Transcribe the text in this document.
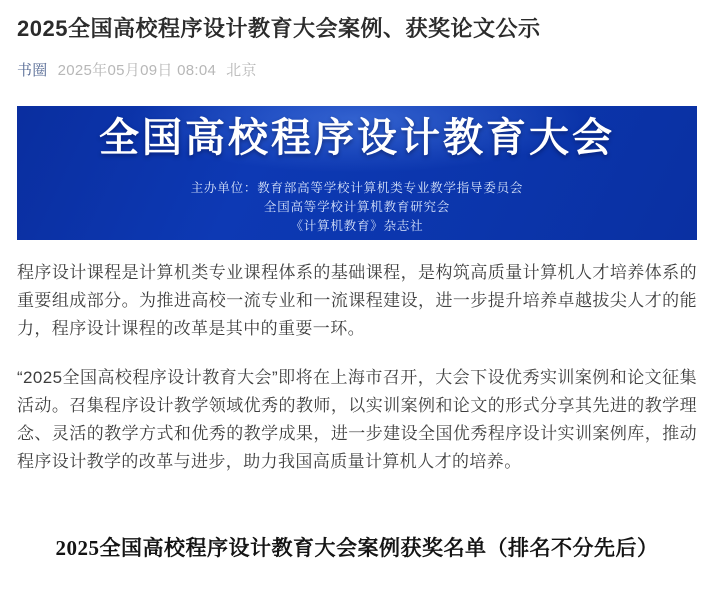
2025全国高校程序设计教育大会案例、获奖论文公示
书圈 2025年05月09日 08:04 北京
全国高校程序设计教育大会
主办单位：教育部高等学校计算机类专业教学指导委员会
全国高等学校计算机教育研究会
《计算机教育》杂志社

程序设计课程是计算机类专业课程体系的基础课程，是构筑高质量计算机人才培养体系的重要组成部分。为推进高校一流专业和一流课程建设，进一步提升培养卓越拔尖人才的能力，程序设计课程的改革是其中的重要一环。

“2025全国高校程序设计教育大会”即将在上海市召开，大会下设优秀实训案例和论文征集活动。召集程序设计教学领域优秀的教师，以实训案例和论文的形式分享其先进的教学理念、灵活的教学方式和优秀的教学成果，进一步建设全国优秀程序设计实训案例库，推动程序设计教学的改革与进步，助力我国高质量计算机人才的培养。

2025全国高校程序设计教育大会案例获奖名单（排名不分先后）
